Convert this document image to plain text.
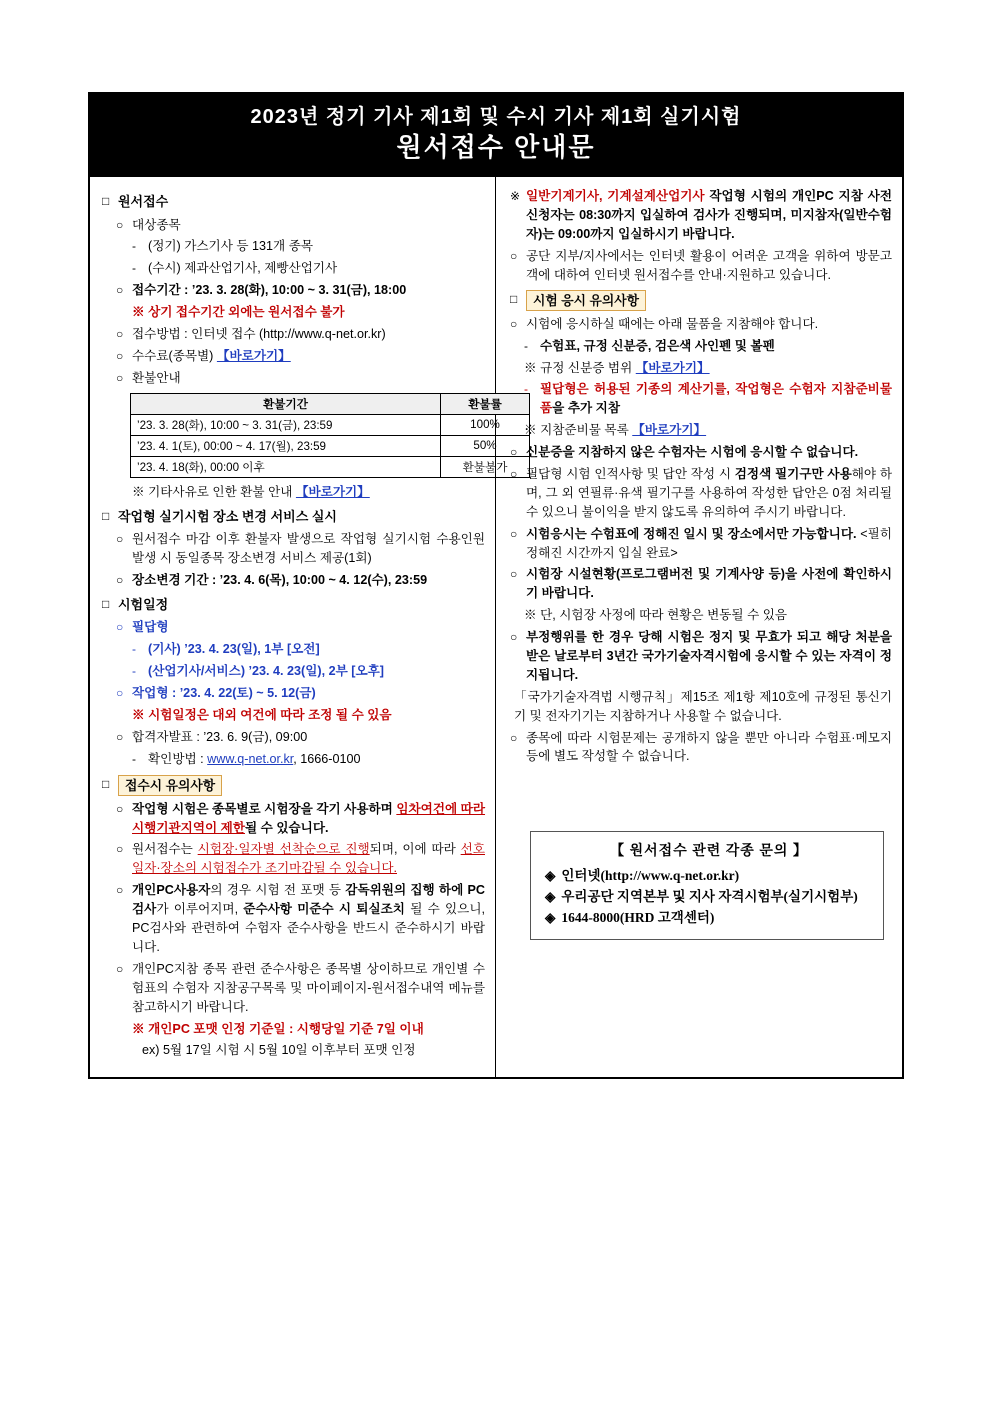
2023년 정기 기사 제1회 및 수시 기사 제1회 실기시험
원서접수 안내문
□ 원서접수
○ 대상종목
- (정기) 가스기사 등 131개 종목
- (수시) 제과산업기사, 제빵산업기사
○ 접수기간 : ’23. 3. 28(화), 10:00 ~ 3. 31(금), 18:00
※ 상기 접수기간 외에는 원서접수 불가
○ 접수방법 : 인터넷 접수 (http://www.q-net.or.kr)
○ 수수료(종목별) 【바로가기】
○ 환불안내
환불기간	환불률
’23. 3. 28(화), 10:00 ~ 3. 31(금), 23:59	100%
’23. 4. 1(토), 00:00 ~ 4. 17(월), 23:59	50%
’23. 4. 18(화), 00:00 이후	환불불가
※ 기타사유로 인한 환불 안내 【바로가기】
□ 작업형 실기시험 장소 변경 서비스 실시
○ 원서접수 마감 이후 환불자 발생으로 작업형 실기시험 수용인원 발생 시 동일종목 장소변경 서비스 제공(1회)
○ 장소변경 기간 : ’23. 4. 6(목), 10:00 ~ 4. 12(수), 23:59
□ 시험일정
○ 필답형
- (기사) ’23. 4. 23(일), 1부 [오전]
- (산업기사/서비스) ’23. 4. 23(일), 2부 [오후]
○ 작업형 : ’23. 4. 22(토) ~ 5. 12(금)
※ 시험일정은 대외 여건에 따라 조정 될 수 있음
○ 합격자발표 : ’23. 6. 9(금), 09:00
- 확인방법 : www.q-net.or.kr, 1666-0100
□	접수시 유의사항
○ 작업형 시험은 종목별로 시험장을 각기 사용하며 임차여건에 따라 시행기관지역이 제한될 수 있습니다.
○ 원서접수는 시험장·일자별 선착순으로 진행되며, 이에 따라 선호 일자·장소의 시험접수가 조기마감될 수 있습니다.
○ 개인PC사용자의 경우 시험 전 포맷 등 감독위원의 집행 하에 PC검사가 이루어지며, 준수사항 미준수 시 퇴실조치 될 수 있으니, PC검사와 관련하여 수험자 준수사항을 반드시 준수하시기 바랍니다.
○ 개인PC지참 종목 관련 준수사항은 종목별 상이하므로 개인별 수험표의 수험자 지참공구목록 및 마이페이지-원서접수내역 메뉴를 참고하시기 바랍니다.
※ 개인PC 포맷 인정 기준일 : 시행당일 기준 7일 이내
ex) 5월 17일 시험 시 5월 10일 이후부터 포맷 인정
※ 일반기계기사, 기계설계산업기사 작업형 시험의 개인PC 지참 사전 신청자는 08:30까지 입실하여 검사가 진행되며, 미지참자(일반수험자)는 09:00까지 입실하시기 바랍니다.
○ 공단 지부/지사에서는 인터넷 활용이 어려운 고객을 위하여 방문고객에 대하여 인터넷 원서접수를 안내·지원하고 있습니다.
□	시험 응시 유의사항
○ 시험에 응시하실 때에는 아래 물품을 지참해야 합니다.
- 수험표, 규정 신분증, 검은색 사인펜 및 볼펜
※ 규정 신분증 범위 【바로가기】
- 필답형은 허용된 기종의 계산기를, 작업형은 수험자 지참준비물품을 추가 지참
※ 지참준비물 목록 【바로가기】
○ 신분증을 지참하지 않은 수험자는 시험에 응시할 수 없습니다.
○ 필답형 시험 인적사항 및 답안 작성 시 검정색 필기구만 사용해야 하며, 그 외 연필류·유색 필기구를 사용하여 작성한 답안은 0점 처리될 수 있으니 불이익을 받지 않도록 유의하여 주시기 바랍니다.
○ 시험응시는 수험표에 정해진 일시 및 장소에서만 가능합니다. <필히 정해진 시간까지 입실 완료>
○ 시험장 시설현황(프로그램버전 및 기계사양 등)을 사전에 확인하시기 바랍니다.
※ 단, 시험장 사정에 따라 현황은 변동될 수 있음
○ 부정행위를 한 경우 당해 시험은 정지 및 무효가 되고 해당 처분을 받은 날로부터 3년간 국가기술자격시험에 응시할 수 있는 자격이 정지됩니다.
「국가기술자격법 시행규칙」제15조 제1항 제10호에 규정된 통신기기 및 전자기기는 지참하거나 사용할 수 없습니다.
○ 종목에 따라 시험문제는 공개하지 않을 뿐만 아니라 수험표·메모지 등에 별도 작성할 수 없습니다.
【 원서접수 관련 각종 문의 】
◈ 인터넷(http://www.q-net.or.kr)
◈ 우리공단 지역본부 및 지사 자격시험부(실기시험부)
◈ 1644-8000(HRD 고객센터)
